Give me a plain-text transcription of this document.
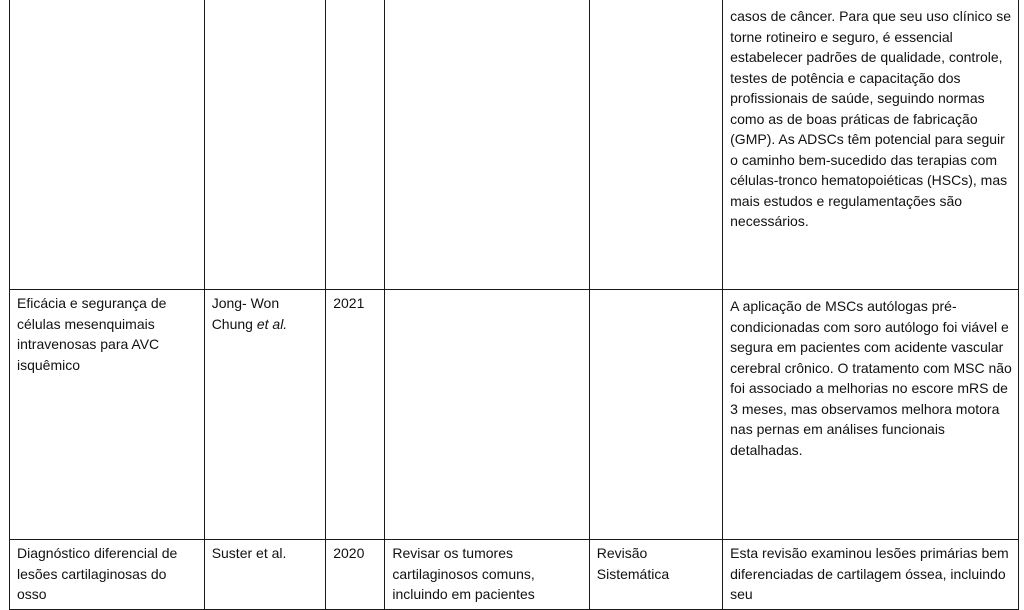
					casos de câncer. Para que seu uso clínico se torne rotineiro e seguro, é essencial estabelecer padrões de qualidade, controle, testes de potência e capacitação dos profissionais de saúde, seguindo normas como as de boas práticas de fabricação (GMP). As ADSCs têm potencial para seguir o caminho bem-sucedido das terapias com células-tronco hematopoiéticas (HSCs), mas mais estudos e regulamentações são necessários.
Eficácia e segurança de células mesenquimais intravenosas para AVC isquêmico	Jong- Won Chung et al.	2021			A aplicação de MSCs autólogas pré-condicionadas com soro autólogo foi viável e segura em pacientes com acidente vascular cerebral crônico. O tratamento com MSC não foi associado a melhorias no escore mRS de 3 meses, mas observamos melhora motora nas pernas em análises funcionais detalhadas.
Diagnóstico diferencial de lesões cartilaginosas do osso	Suster et al.	2020	Revisar os tumores cartilaginosos comuns, incluindo em pacientes	Revisão Sistemática	Esta revisão examinou lesões primárias bem diferenciadas de cartilagem óssea, incluindo seu
